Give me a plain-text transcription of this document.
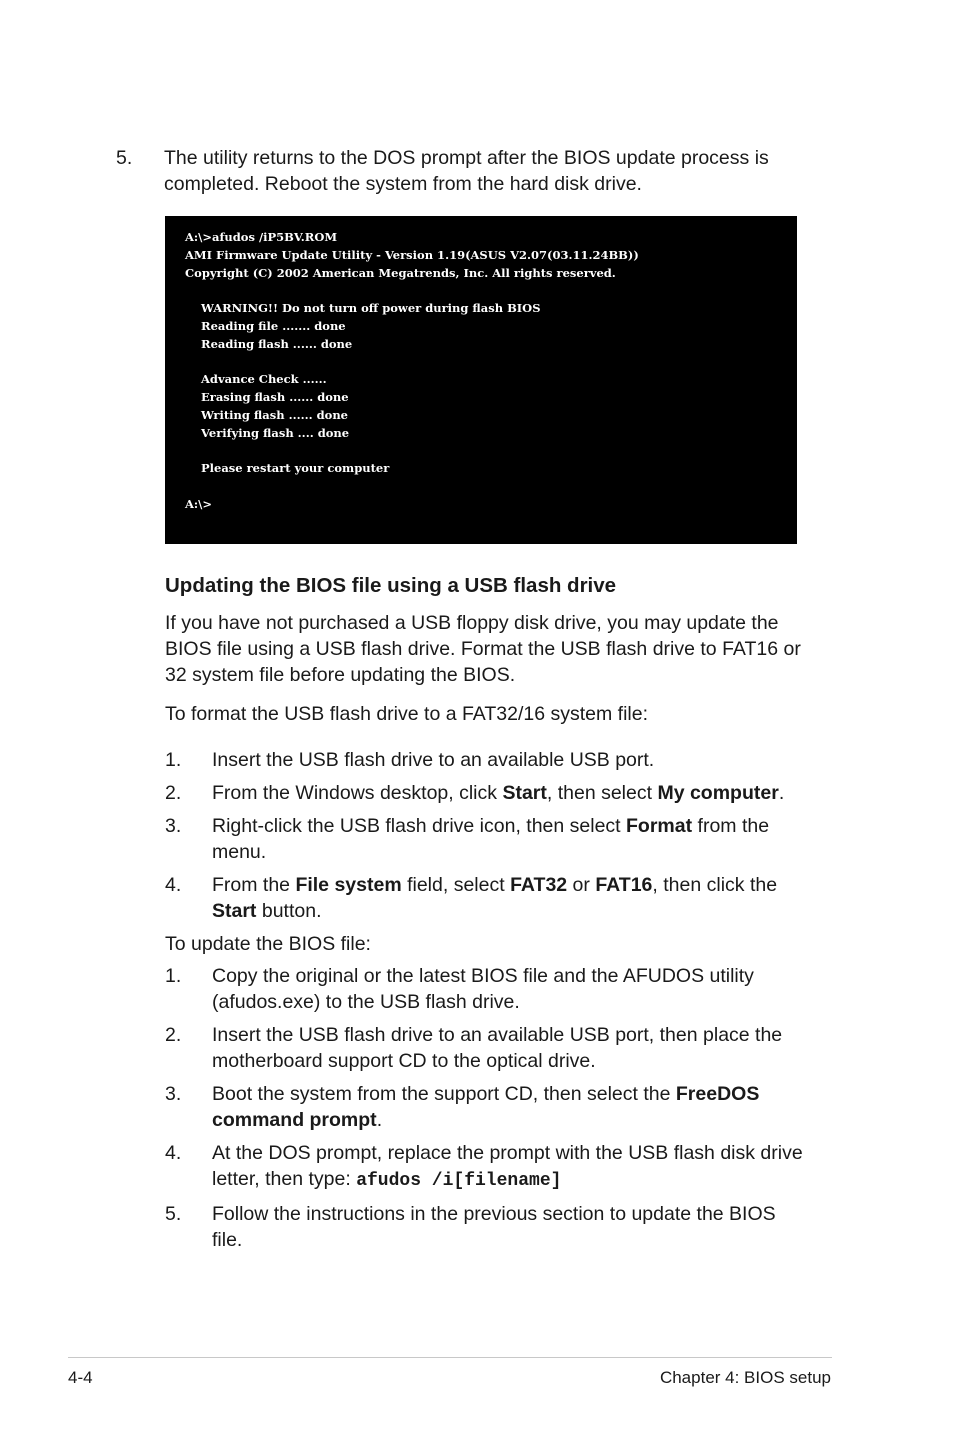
5. The utility returns to the DOS prompt after the BIOS update process is completed. Reboot the system from the hard disk drive.
A:\>afudos /iP5BV.ROM
AMI Firmware Update Utility - Version 1.19(ASUS V2.07(03.11.24BB))
Copyright (C) 2002 American Megatrends, Inc. All rights reserved.
WARNING!! Do not turn off power during flash BIOS
Reading file ....... done
Reading flash ...... done
Advance Check ......
Erasing flash ...... done
Writing flash ...... done
Verifying flash .... done
Please restart your computer
A:\>
Updating the BIOS file using a USB flash drive

If you have not purchased a USB floppy disk drive, you may update the BIOS file using a USB flash drive. Format the USB flash drive to FAT16 or 32 system file before updating the BIOS.

To format the USB flash drive to a FAT32/16 system file:

1. Insert the USB flash drive to an available USB port.
2. From the Windows desktop, click Start, then select My computer.
3. Right-click the USB flash drive icon, then select Format from the menu.
4. From the File system field, select FAT32 or FAT16, then click the Start button.

To update the BIOS file:

1. Copy the original or the latest BIOS file and the AFUDOS utility (afudos.exe) to the USB flash drive.
2. Insert the USB flash drive to an available USB port, then place the motherboard support CD to the optical drive.
3. Boot the system from the support CD, then select the FreeDOS command prompt.
4. At the DOS prompt, replace the prompt with the USB flash disk drive letter, then type: afudos /i[filename]
5. Follow the instructions in the previous section to update the BIOS file.
4-4	Chapter 4: BIOS setup
